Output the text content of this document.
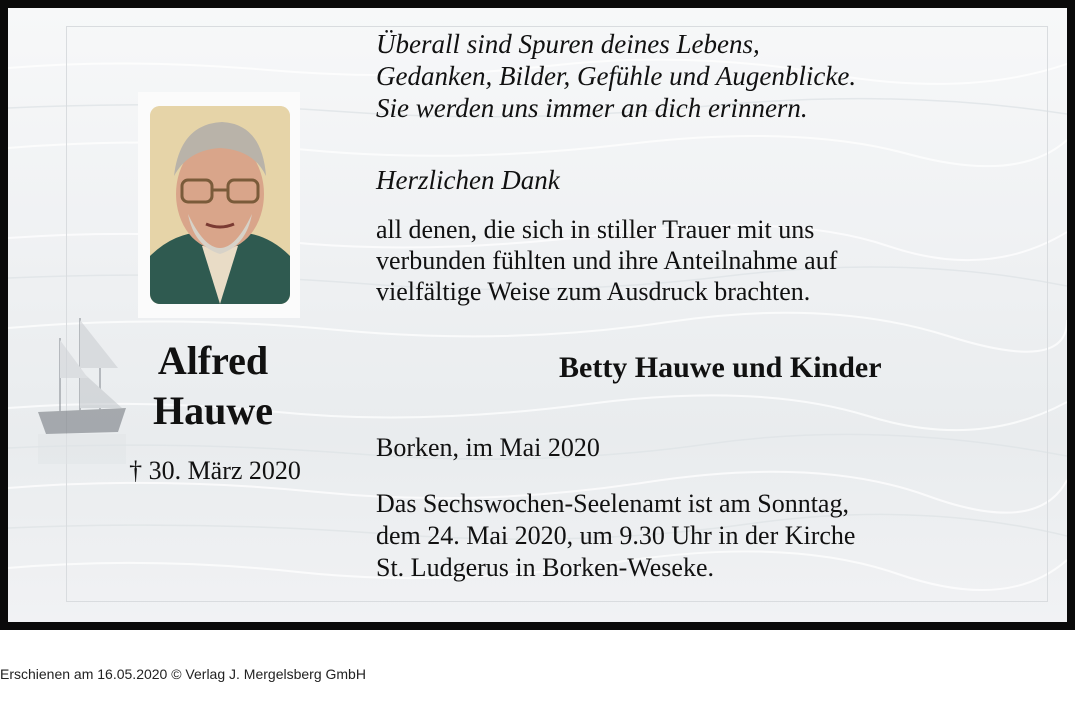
Überall sind Spuren deines Lebens,
Gedanken, Bilder, Gefühle und Augenblicke.
Sie werden uns immer an dich erinnern.

Herzlichen Dank

all denen, die sich in stiller Trauer mit uns
verbunden fühlten und ihre Anteilnahme auf
vielfältige Weise zum Ausdruck brachten.

Betty Hauwe und Kinder

Alfred
Hauwe

† 30. März 2020

Borken, im Mai 2020

Das Sechswochen-Seelenamt ist am Sonntag,
dem 24. Mai 2020, um 9.30 Uhr in der Kirche
St. Ludgerus in Borken-Weseke.

Erschienen am 16.05.2020 © Verlag J. Mergelsberg GmbH
